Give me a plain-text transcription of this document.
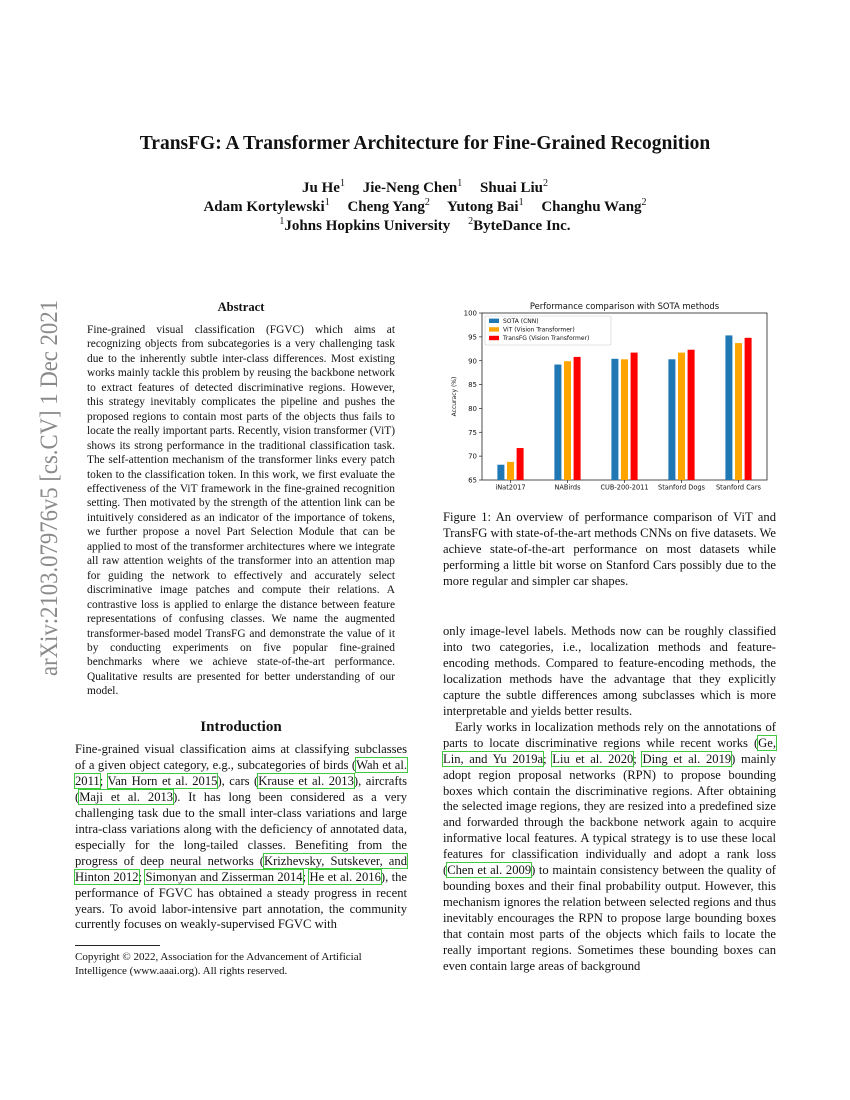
arXiv:2103.07976v5 [cs.CV] 1 Dec 2021
TransFG: A Transformer Architecture for Fine-Grained Recognition
Ju He$^1$ Jie-Neng Chen$^1$ Shuai Liu$^2$
Adam Kortylewski$^1$ Cheng Yang$^2$ Yutong Bai$^1$ Changhu Wang$^2$
$^1$Johns Hopkins University $^2$ByteDance Inc.
Abstract
Fine-grained visual classification (FGVC) which aims at recognizing objects from subcategories is a very challenging task due to the inherently subtle inter-class differences. Most existing works mainly tackle this problem by reusing the backbone network to extract features of detected discriminative regions. However, this strategy inevitably complicates the pipeline and pushes the proposed regions to contain most parts of the objects thus fails to locate the really important parts. Recently, vision transformer (ViT) shows its strong performance in the traditional classification task. The self-attention mechanism of the transformer links every patch token to the classification token. In this work, we first evaluate the effectiveness of the ViT framework in the fine-grained recognition setting. Then motivated by the strength of the attention link can be intuitively considered as an indicator of the importance of tokens, we further propose a novel Part Selection Module that can be applied to most of the transformer architectures where we integrate all raw attention weights of the transformer into an attention map for guiding the network to effectively and accurately select discriminative image patches and compute their relations. A contrastive loss is applied to enlarge the distance between feature representations of confusing classes. We name the augmented transformer-based model TransFG and demonstrate the value of it by conducting experiments on five popular fine-grained benchmarks where we achieve state-of-the-art performance. Qualitative results are presented for better understanding of our model.
Introduction
Fine-grained visual classification aims at classifying subclasses of a given object category, e.g., subcategories of birds (Wah et al. 2011; Van Horn et al. 2015), cars (Krause et al. 2013), aircrafts (Maji et al. 2013). It has long been considered as a very challenging task due to the small inter-class variations and large intra-class variations along with the deficiency of annotated data, especially for the long-tailed classes. Benefiting from the progress of deep neural networks (Krizhevsky, Sutskever, and Hinton 2012; Simonyan and Zisserman 2014; He et al. 2016), the performance of FGVC has obtained a steady progress in recent years. To avoid labor-intensive part annotation, the community currently focuses on weakly-supervised FGVC with
Copyright © 2022, Association for the Advancement of Artificial Intelligence (www.aaai.org). All rights reserved.
Performance comparison with SOTA methods
65
70
75
80
85
90
95
100
Accuracy (%)
iNat2017	NABirds	CUB-200-2011 Stanford Dogs Stanford Cars
SOTA (CNN)
ViT (Vision Transformer)
TransFG (Vision Transformer)
Figure 1: An overview of performance comparison of ViT and TransFG with state-of-the-art methods CNNs on five datasets. We achieve state-of-the-art performance on most datasets while performing a little bit worse on Stanford Cars possibly due to the more regular and simpler car shapes.

only image-level labels. Methods now can be roughly classified into two categories, i.e., localization methods and feature-encoding methods. Compared to feature-encoding methods, the localization methods have the advantage that they explicitly capture the subtle differences among subclasses which is more interpretable and yields better results.

Early works in localization methods rely on the annotations of parts to locate discriminative regions while recent works (Ge, Lin, and Yu 2019a; Liu et al. 2020; Ding et al. 2019) mainly adopt region proposal networks (RPN) to propose bounding boxes which contain the discriminative regions. After obtaining the selected image regions, they are resized into a predefined size and forwarded through the backbone network again to acquire informative local features. A typical strategy is to use these local features for classification individually and adopt a rank loss (Chen et al. 2009) to maintain consistency between the quality of bounding boxes and their final probability output. However, this mechanism ignores the relation between selected regions and thus inevitably encourages the RPN to propose large bounding boxes that contain most parts of the objects which fails to locate the really important regions. Sometimes these bounding boxes can even contain large areas of background
